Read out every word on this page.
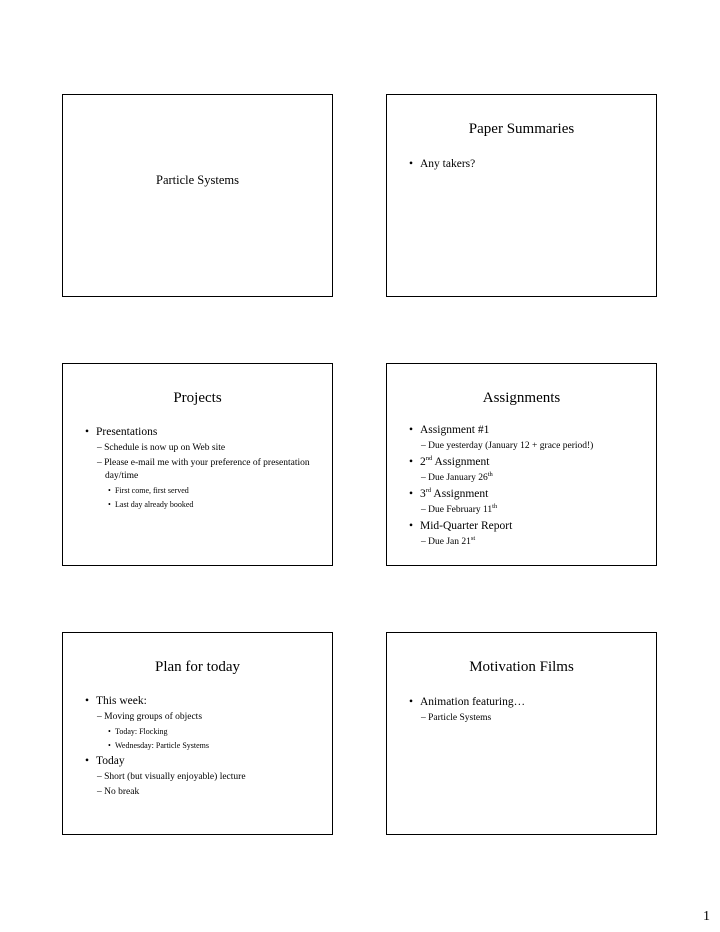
Particle Systems
Paper Summaries
• Any takers?
Projects
• Presentations
– Schedule is now up on Web site
– Please e-mail me with your preference of presentation day/time
• First come, first served
• Last day already booked
Assignments
• Assignment #1
– Due yesterday (January 12 + grace period!)
• 2nd Assignment
– Due January 26th
• 3rd Assignment
– Due February 11th
• Mid-Quarter Report
– Due Jan 21st
Plan for today
• This week:
– Moving groups of objects
• Today: Flocking
• Wednesday: Particle Systems
• Today
– Short (but visually enjoyable) lecture
– No break
Motivation Films
• Animation featuring…
– Particle Systems
1
